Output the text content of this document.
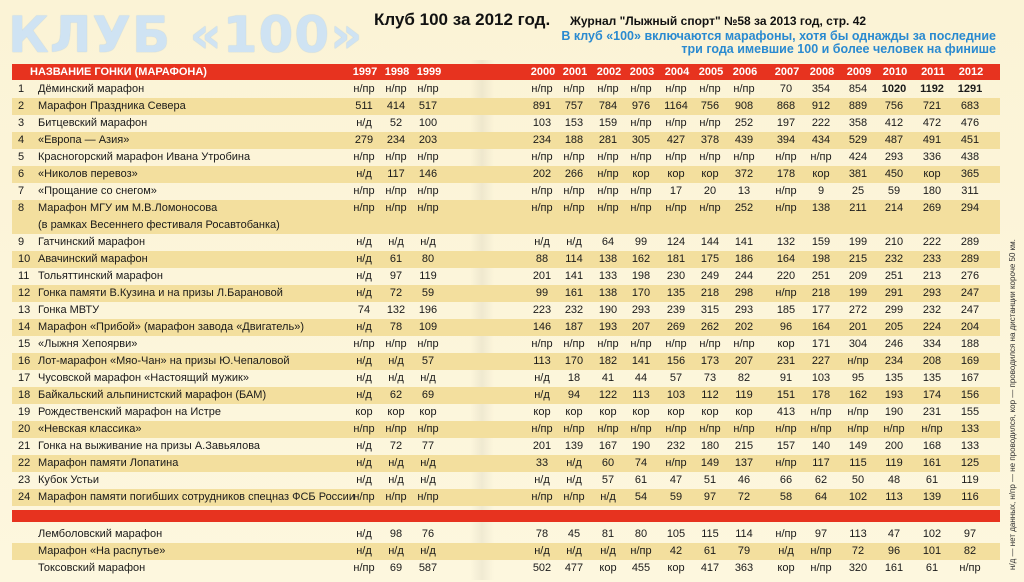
КЛУБ «100» Клуб 100 за 2012 год. Журнал "Лыжный спорт" №58 за 2013 год, стр. 42
В клуб «100» включаются марафоны, хотя бы однажды за последние три года имевшие 100 и более человек на финише
НАЗВАНИЕ ГОНКИ (МАРАФОНА)	1997 1998 1999	2000 2001 2002 2003 2004 2005 2006	2007 2008	2009	2010	2011	2012
1	Дёминский марафон	н/пр н/пр н/пр	н/пр н/пр	н/пр	н/пр	н/пр	н/пр	н/пр	70	354	854	1020 1192 1291
2	Марафон Праздника Севера	511	414	517	891	757	784	976	1164	756	908	868	912	889	756	721	683
3	Битцевский марафон	н/д	52	100	103	153	159	н/пр	н/пр	н/пр	252	197	222	358	412	472	476
4	«Европа — Азия»	279	234	203	234	188	281	305	427	378	439	394	434	529	487	491	451
5	Красногорский марафон Ивана Утробина	н/пр н/пр н/пр	н/пр н/пр	н/пр	н/пр	н/пр	н/пр	н/пр	н/пр	н/пр	424	293	336	438
6	«Николов перевоз»	н/д	117	146	202	266	н/пр	кор	кор	кор	372	178	кор	381	450	кор	365
7	«Прощание со снегом»	н/пр н/пр н/пр	н/пр н/пр	н/пр	н/пр	17	20	13	н/пр	9	25	59	180	311
8	Марафон МГУ им М.В.Ломоносова
(в рамках Весеннего фестиваля Росавтобанка)
н/пр н/пр н/пр	н/пр н/пр	н/пр	н/пр	н/пр	н/пр	252	н/пр	138	211	214	269	294
9	Гатчинский марафон	н/д	н/д	н/д	н/д	н/д	64	99	124	144	141	132	159	199	210	222	289
10 Авачинский марафон	н/д	61	80	88	114	138	162	181	175	186	164	198	215	232	233	289
11 Тольяттинский марафон	н/д	97	119	201	141	133	198	230	249	244	220	251	209	251	213	276
12 Гонка памяти В.Кузина и на призы Л.Барановой	н/д	72	59	99	161	138	170	135	218	298	н/пр	218	199	291	293	247
13 Гонка МВТУ	74	132	196	223	232	190	293	239	315	293	185	177	272	299	232	247
14 Марафон «Прибой» (марафон завода «Двигатель»)	н/д	78	109	146	187	193	207	269	262	202	96	164	201	205	224	204
15 «Лыжня Хепоярви»	н/пр н/пр н/пр	н/пр н/пр	н/пр	н/пр	н/пр	н/пр	н/пр	кор	171	304	246	334	188
16 Лот-марафон «Мяо-Чан» на призы Ю.Чепаловой	н/д	н/д	57	113	170	182	141	156	173	207	231	227	н/пр	234	208	169
17 Чусовской марафон «Настоящий мужик»	н/д	н/д	н/д	н/д	18	41	44	57	73	82	91	103	95	135	135	167
18 Байкальский альпинистский марафон (БАМ)	н/д	62	69	н/д	94	122	113	103	112	119	151	178	162	193	174	156
19 Рождественский марафон на Истре	кор	кор	кор	кор	кор	кор	кор	кор	кор	кор	413	н/пр	н/пр	190	231	155
20 «Невская классика»	н/пр н/пр н/пр	н/пр н/пр	н/пр	н/пр	н/пр	н/пр	н/пр	н/пр	н/пр	н/пр	н/пр	н/пр	133
21 Гонка на выживание на призы А.Завьялова	н/д	72	77	201	139	167	190	232	180	215	157	140	149	200	168	133
22 Марафон памяти Лопатина	н/д	н/д	н/д	33	н/д	60	74	н/пр	149	137	н/пр	117	115	119	161	125
23 Кубок Устьи	н/д	н/д	н/д	н/д	н/д	57	61	47	51	46	66	62	50	48	61	119
24 Марафон памяти погибших сотрудников спецназ ФСБ России
н/пр н/пр н/пр	н/пр н/пр	н/д	54	59	97	72	58	64	102	113	139	116
Лемболовский марафон	н/д	98	76	78	45	81	80	105	115	114	н/пр	97	113	47	102	97
Марафон «На распутье»	н/д	н/д	н/д	н/д	н/д	н/д	н/пр	42	61	79	н/д	н/пр	72	96	101	82
Токсовский марафон	н/пр	69	587	502	477	кор	455	кор	417	363	кор	н/пр	320	161	61	н/пр	н/д — нет данных, н/пр — не проводился, кор — проводился на дистанции короче 50 км.
